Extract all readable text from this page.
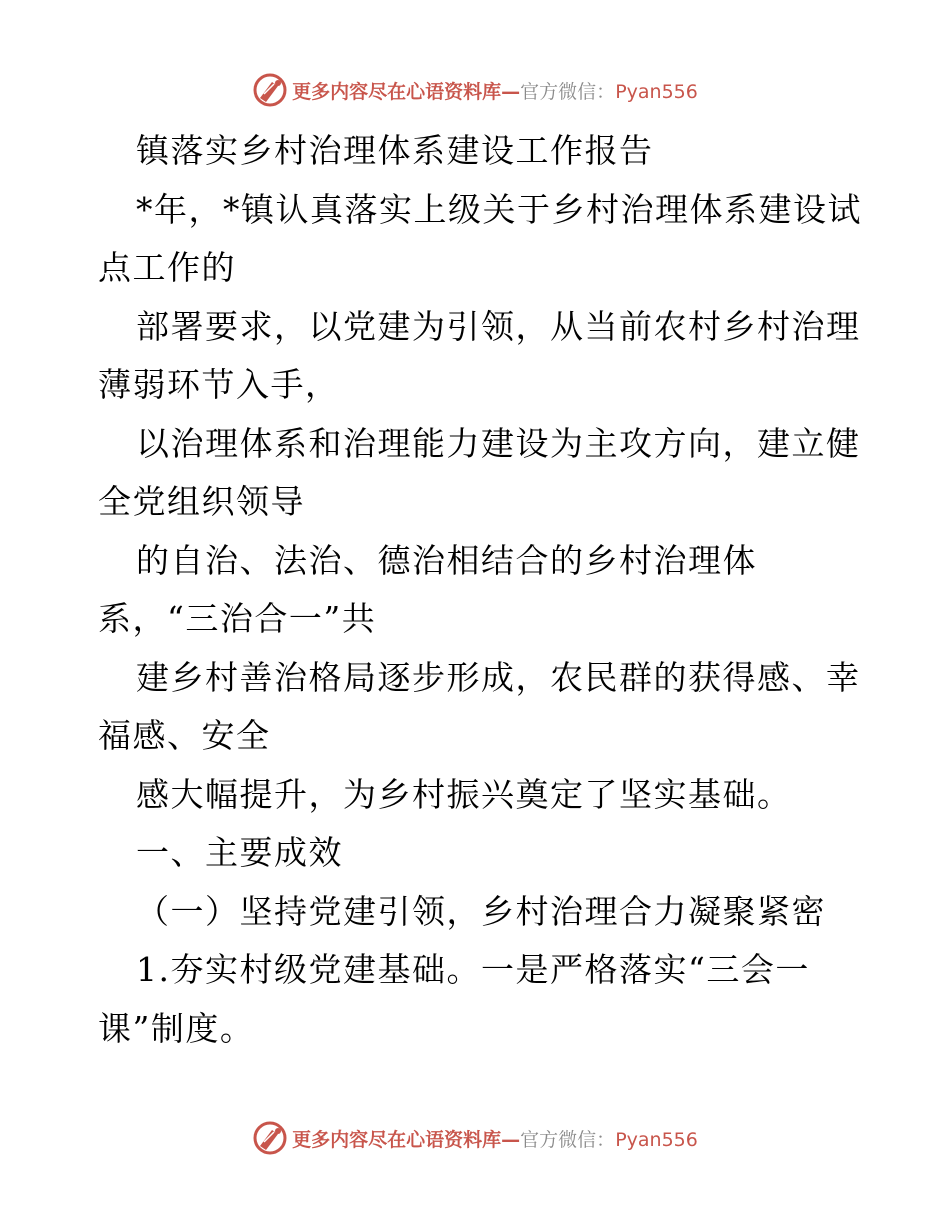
更多内容尽在心语资料库—官方微信：Pyan556
镇落实乡村治理体系建设工作报告
*年，*镇认真落实上级关于乡村治理体系建设试
点工作的
部署要求，以党建为引领，从当前农村乡村治理
薄弱环节入手，
以治理体系和治理能力建设为主攻方向，建立健
全党组织领导
的自治、法治、德治相结合的乡村治理体
系，“三治合一”共
建乡村善治格局逐步形成，农民群的获得感、幸
福感、安全
感大幅提升，为乡村振兴奠定了坚实基础。
一、主要成效
（一）坚持党建引领，乡村治理合力凝聚紧密
1.夯实村级党建基础。一是严格落实“三会一
课”制度。
更多内容尽在心语资料库—官方微信：Pyan556
